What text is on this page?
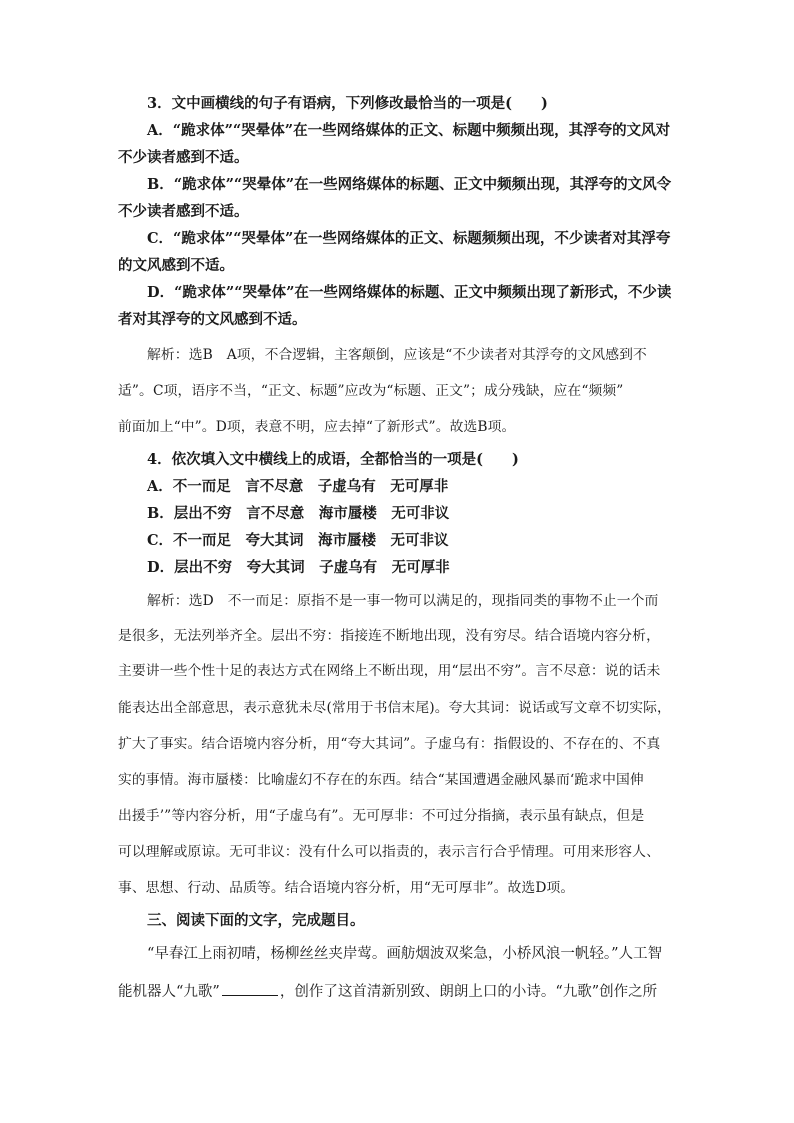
3．文中画横线的句子有语病，下列修改最恰当的一项是(　　)
A．“跪求体”“哭晕体”在一些网络媒体的正文、标题中频频出现，其浮夸的文风对
不少读者感到不适。
B．“跪求体”“哭晕体”在一些网络媒体的标题、正文中频频出现，其浮夸的文风令
不少读者感到不适。
C．“跪求体”“哭晕体”在一些网络媒体的正文、标题频频出现，不少读者对其浮夸
的文风感到不适。
D．“跪求体”“哭晕体”在一些网络媒体的标题、正文中频频出现了新形式，不少读
者对其浮夸的文风感到不适。
解析：选B　A项，不合逻辑，主客颠倒，应该是“不少读者对其浮夸的文风感到不
适”。C项，语序不当，“正文、标题”应改为“标题、正文”；成分残缺，应在“频频”
前面加上“中”。D项，表意不明，应去掉“了新形式”。故选B项。
4．依次填入文中横线上的成语，全都恰当的一项是(　　)
A．不一而足　言不尽意　子虚乌有　无可厚非
B．层出不穷　言不尽意　海市蜃楼　无可非议
C．不一而足　夸大其词　海市蜃楼　无可非议
D．层出不穷　夸大其词　子虚乌有　无可厚非
解析：选D　不一而足：原指不是一事一物可以满足的，现指同类的事物不止一个而
是很多，无法列举齐全。层出不穷：指接连不断地出现，没有穷尽。结合语境内容分析，
主要讲一些个性十足的表达方式在网络上不断出现，用“层出不穷”。言不尽意：说的话未
能表达出全部意思，表示意犹未尽(常用于书信末尾)。夸大其词：说话或写文章不切实际，
扩大了事实。结合语境内容分析，用“夸大其词”。子虚乌有：指假设的、不存在的、不真
实的事情。海市蜃楼：比喻虚幻不存在的东西。结合“某国遭遇金融风暴而‘跪求中国伸
出援手’”等内容分析，用“子虚乌有”。无可厚非：不可过分指摘，表示虽有缺点，但是
可以理解或原谅。无可非议：没有什么可以指责的，表示言行合乎情理。可用来形容人、
事、思想、行动、品质等。结合语境内容分析，用“无可厚非”。故选D项。
三、阅读下面的文字，完成题目。
“早春江上雨初晴，杨柳丝丝夹岸莺。画舫烟波双桨急，小桥风浪一帆轻。”人工智
能机器人“九歌”	，创作了这首清新别致、朗朗上口的小诗。“九歌”创作之所
